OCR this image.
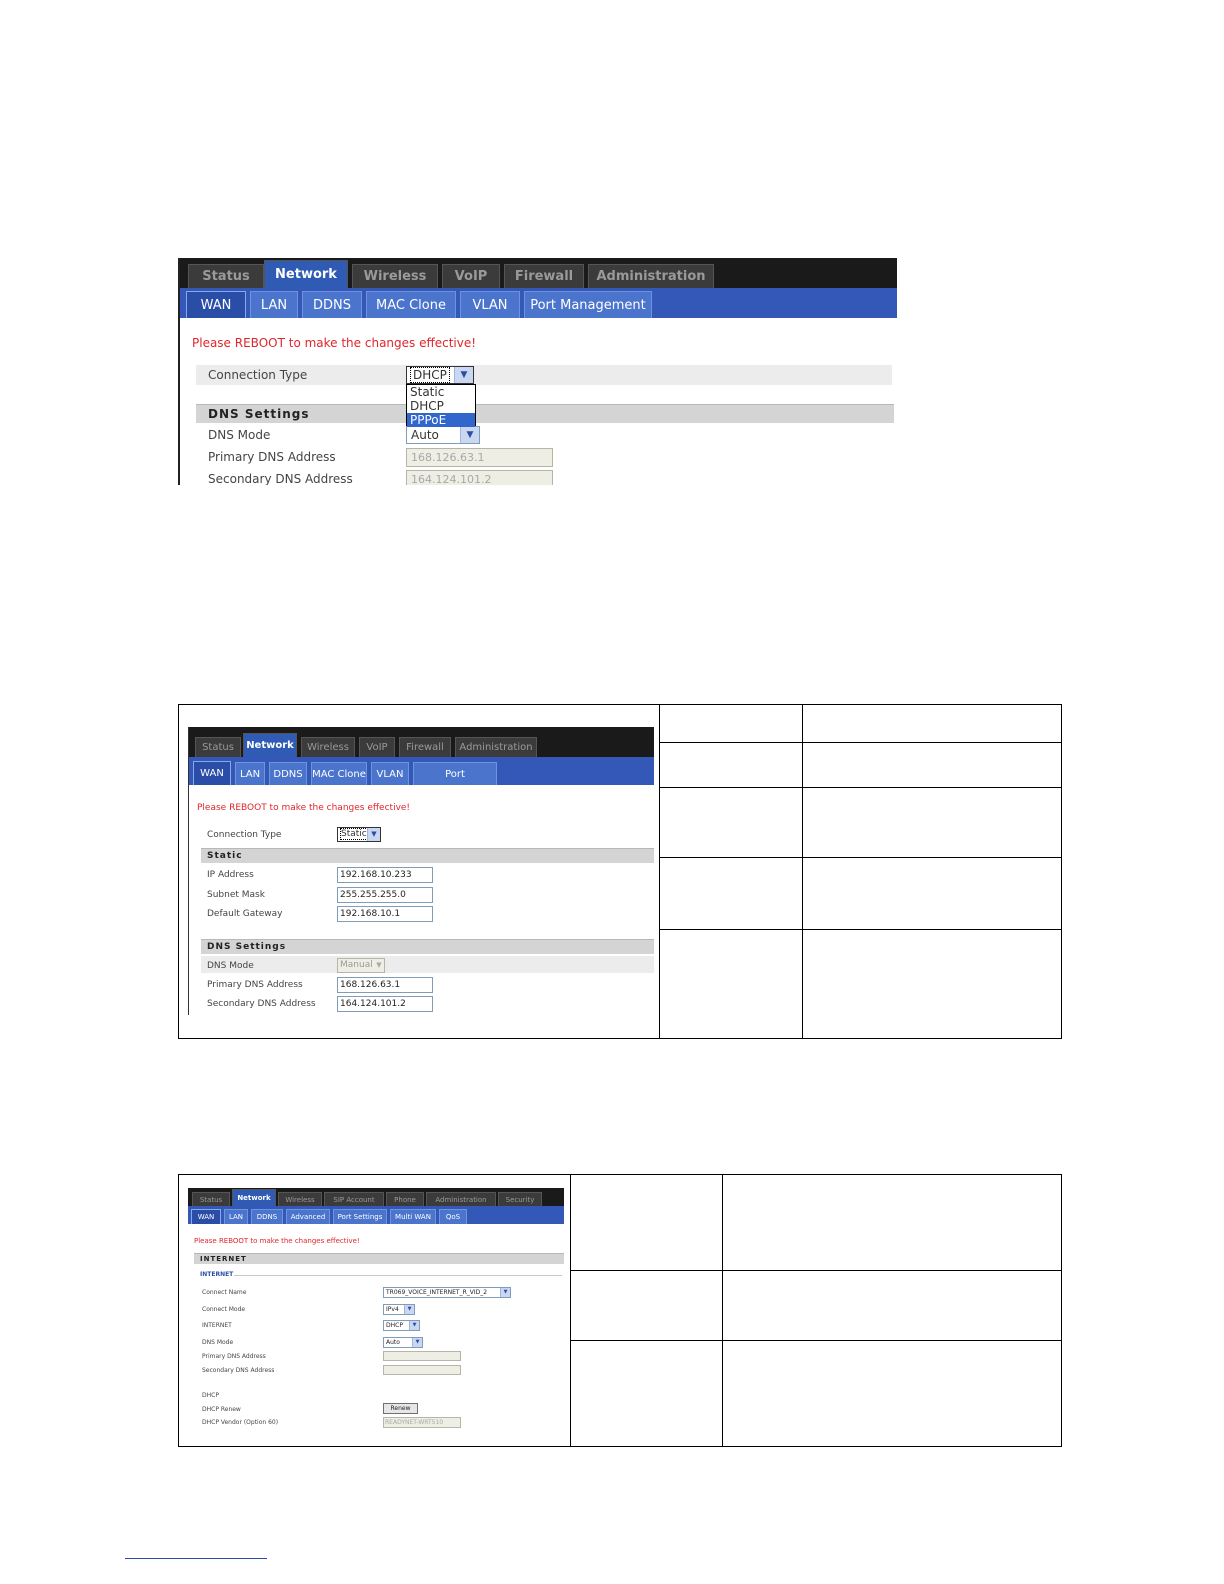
Status	Network	Wireless	VoIP	Firewall	Administration
WAN	LAN	DDNS	MAC Clone	VLAN	Port Management
Please REBOOT to make the changes effective!
Connection Type	DHCP	▼
DNS Settings
DNS Mode	Auto	▼
Primary DNS Address	168.126.63.1
Secondary DNS Address	164.124.101.2
Static
DHCP
PPPoE
Status	Network	Wireless	VoIP	Firewall	Administration
WAN	LAN	DDNS MAC Clone	VLAN	Port Management
Please REBOOT to make the changes effective!
Connection Type	Static ▼
Static
IP Address	192.168.10.233
Subnet Mask	255.255.255.0
Default Gateway	192.168.10.1
DNS Settings
DNS Mode	Manual ▼
Primary DNS Address	168.126.63.1
Secondary DNS Address	164.124.101.2
Status	Network	Wireless	SIP Account	Phone	Administration	Security
WAN	LAN	DDNS	Advanced	Port Settings	Multi WAN	QoS
Please REBOOT to make the changes effective!
INTERNET
INTERNET
Connect Name	TR069_VOICE_INTERNET_R_VID_2	▼
Connect Mode	IPv4	▼
INTERNET	DHCP	▼
DNS Mode	Auto	▼
Primary DNS Address
Secondary DNS Address
DHCP
DHCP Renew	Renew
DHCP Vendor (Option 60)	READYNET-WRT510
